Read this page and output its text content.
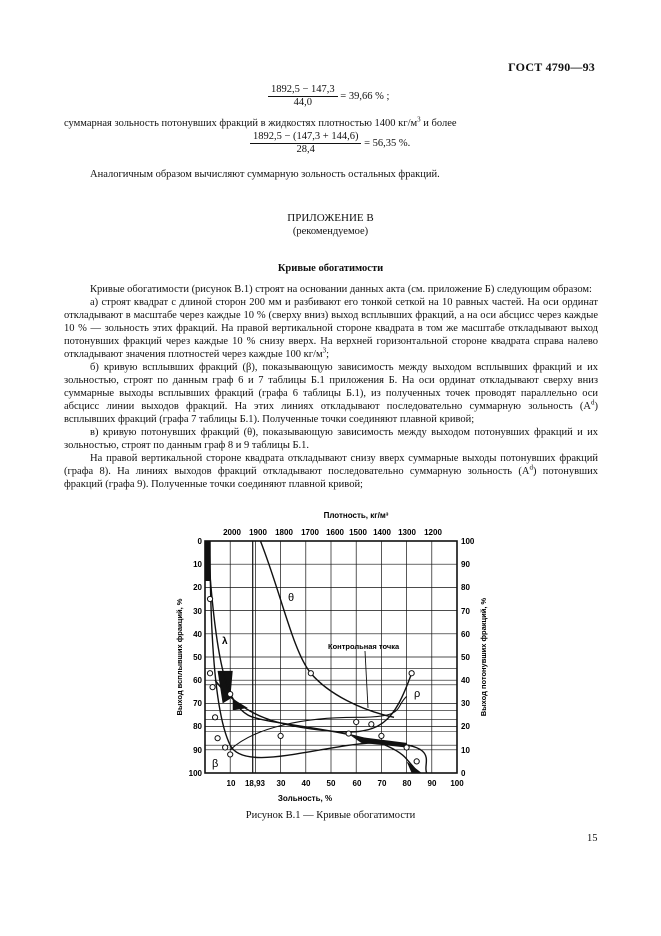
ГОСТ 4790—93
$\frac{1892,5 - 147,3}{44,0} = 39,66$ % ;
суммарная зольность потонувших фракций в жидкостях плотностью 1400 $кг/м^3$ и более
$\frac{1892,5 - (147,3 + 144,6)}{28,4} = 56,35$ %.
Аналогичным образом вычисляют суммарную зольность остальных фракций.
ПРИЛОЖЕНИЕ В
(рекомендуемое)
Кривые обогатимости
Кривые обогатимости (рисунок В.1) строят на основании данных акта (см. приложение Б) следующим образом:
а) строят квадрат с длиной сторон 200 мм и разбивают его тонкой сеткой на 10 равных частей. На оси ординат откладывают в масштабе через каждые 10 % (сверху вниз) выход всплывших фракций, а на оси абсцисс через каждые 10 % — зольность этих фракций. На правой вертикальной стороне квадрата в том же масштабе откладывают выход потонувших фракций через каждые 10 % снизу вверх. На верхней горизонтальной стороне квадрата справа налево откладывают значения плотностей через каждые 100 $кг/м^3$;
б) кривую всплывших фракций (β), показывающую зависимость между выходом всплывших фракций и их зольностью, строят по данным граф 6 и 7 таблицы Б.1 приложения Б. На оси ординат откладывают сверху вниз суммарные выходы всплывших фракций (графа 6 таблицы Б.1), из полученных точек проводят параллельно оси абсцисс линии выходов фракций. На этих линиях откладывают последовательно суммарную зольность $(A^d)$ всплывших фракций (графа 7 таблицы Б.1). Полученные точки соединяют плавной кривой;
в) кривую потонувших фракций (θ), показывающую зависимость между выходом потонувших фракций и их зольностью, строят по данным граф 8 и 9 таблицы Б.1.
На правой вертикальной стороне квадрата откладывают снизу вверх суммарные выходы потонувших фракций (графа 8). На линиях выходов фракций откладывают последовательно суммарную зольность $(A^d)$ потонувших фракций (графа 9). Полученные точки соединяют плавной кривой;
Плотность, кг/м³
Зольность, %
Выход всплывших фракций, %	Выход потонувших фракций, %
2000 1900 1800 1700 1600 1500 1400 1300 1200
10 18,93 30 40 50 60 70 80 90 100
0
10
20
30
40
50
60
70
80
90
100
100
90
80
70
60
50
40
30
20
10
0
θ
λ
ρ
β
Контрольная точка
Рисунок В.1 — Кривые обогатимости
15
